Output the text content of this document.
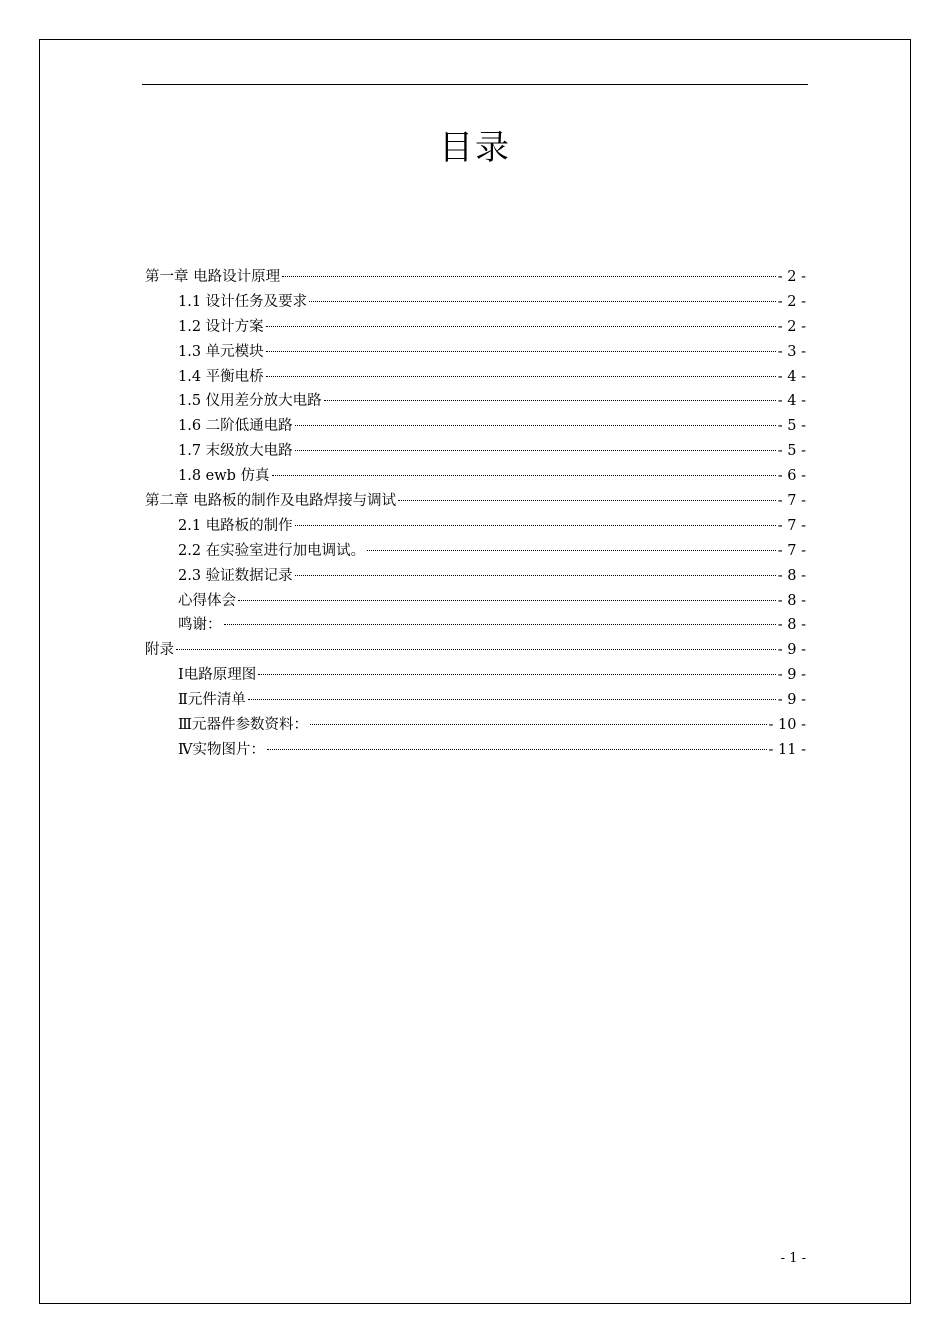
目录
第一章 电路设计原理	- 2 -
1.1 设计任务及要求	- 2 -
1.2 设计方案	- 2 -
1.3 单元模块	- 3 -
1.4 平衡电桥	- 4 -
1.5 仪用差分放大电路	- 4 -
1.6 二阶低通电路	- 5 -
1.7 末级放大电路	- 5 -
1.8 ewb 仿真	- 6 -
第二章 电路板的制作及电路焊接与调试	- 7 -
2.1 电路板的制作	- 7 -
2.2 在实验室进行加电调试。	- 7 -
2.3 验证数据记录	- 8 -
心得体会	- 8 -
鸣谢：	- 8 -
附录	- 9 -
Ⅰ电路原理图	- 9 -
Ⅱ元件清单	- 9 -
Ⅲ元器件参数资料：	- 10 -
Ⅳ实物图片：	- 11 -
- 1 -
